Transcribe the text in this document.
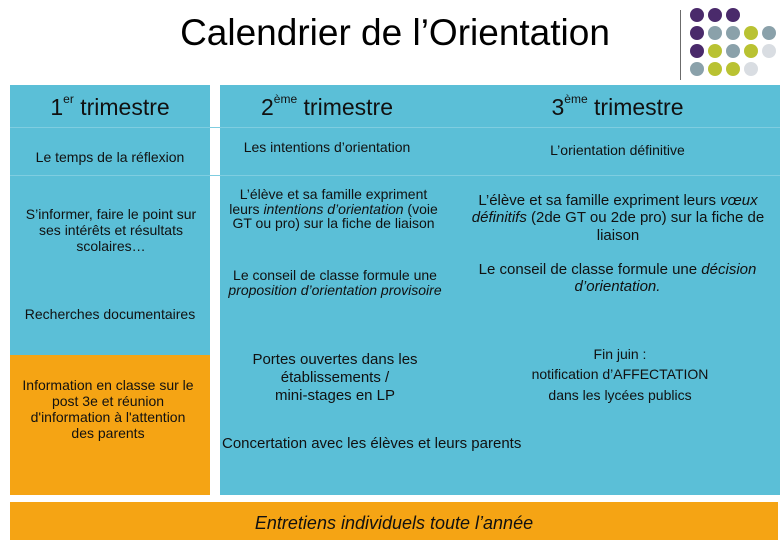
Calendrier de l’Orientation
1er trimestre
Le temps de la réflexion
S’informer, faire le point sur ses intérêts et résultats scolaires…
Recherches documentaires
Information en classe sur le post 3e et réunion d'information à l'attention des parents
2ème trimestre
Les intentions d’orientation
L’élève et sa famille expriment leurs intentions d’orientation (voie GT ou pro) sur la fiche de liaison
Le conseil de classe formule une proposition d’orientation provisoire
Portes ouvertes dans les établissements /
mini-stages en LP
3ème trimestre
L’orientation définitive
L’élève et sa famille expriment leurs vœux définitifs (2de GT ou 2de pro) sur la fiche de liaison
Le conseil de classe formule une décision d’orientation.
Fin juin :
notification d’AFFECTATION
dans les lycées publics
Concertation avec les élèves et leurs parents
Entretiens individuels toute l’année
